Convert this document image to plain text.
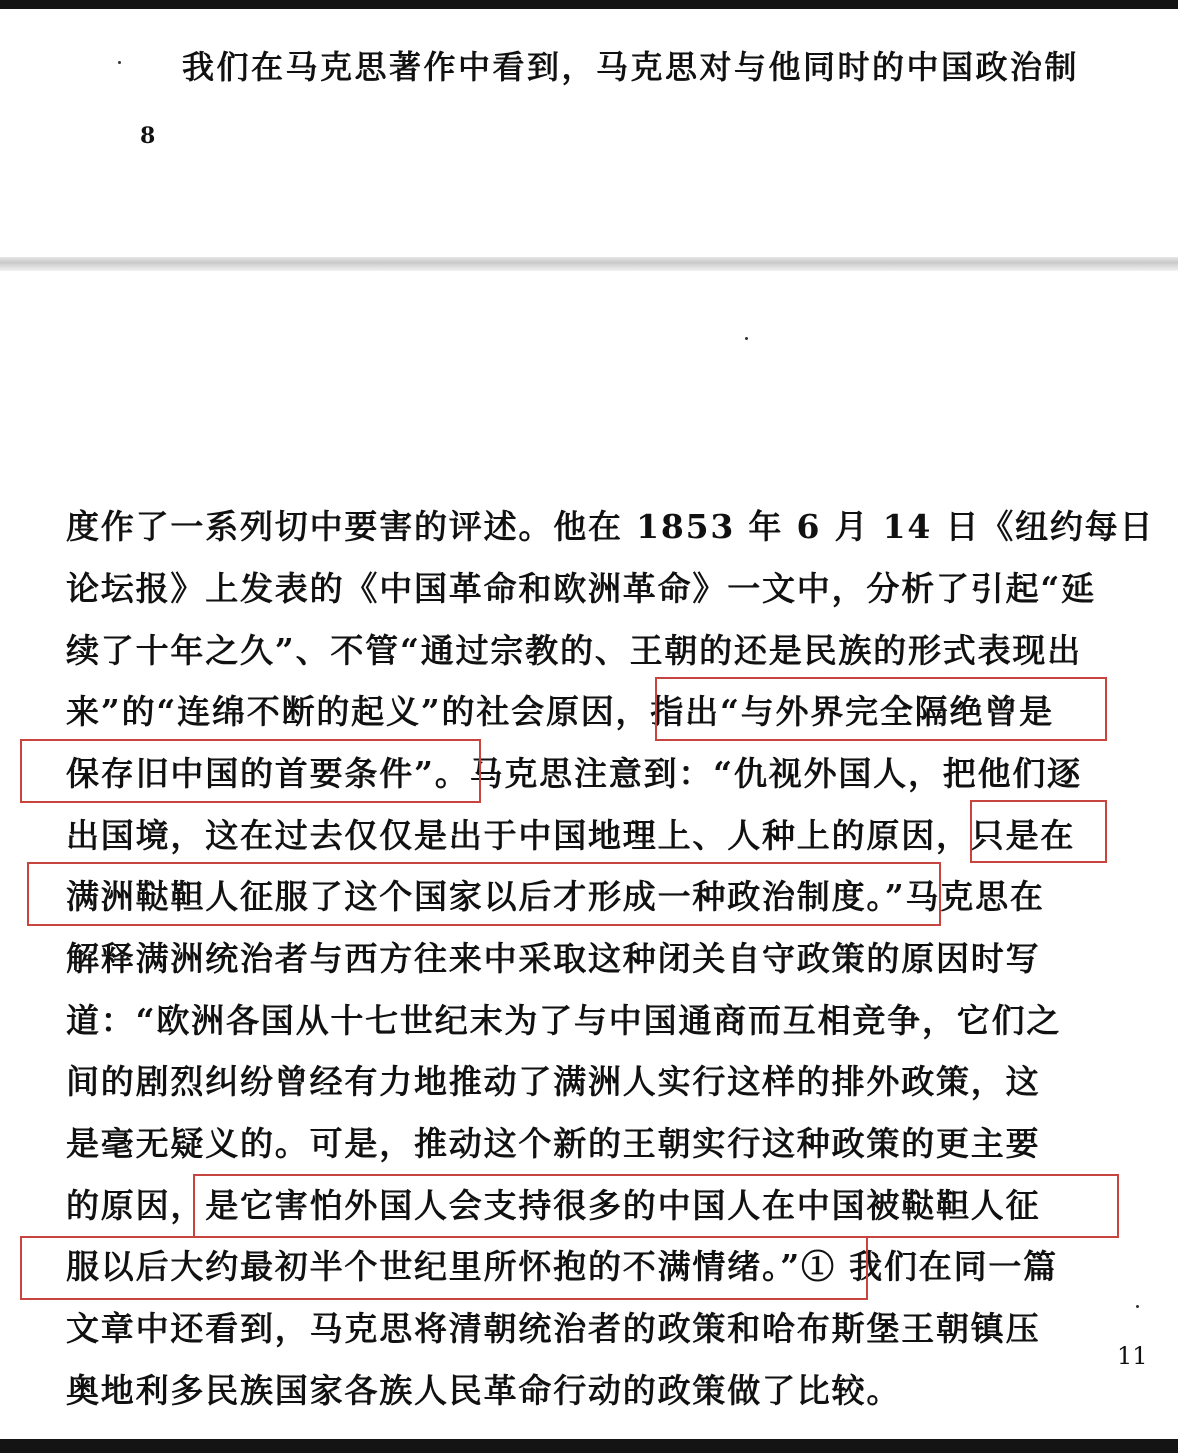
我们在马克思著作中看到，马克思对与他同时的中国政治制
8
度作了一系列切中要害的评述。他在 1853 年 6 月 14 日《纽约每日
论坛报》上发表的《中国革命和欧洲革命》一文中，分析了引起“延
续了十年之久”、不管“通过宗教的、王朝的还是民族的形式表现出
来”的“连绵不断的起义”的社会原因，指出“与外界完全隔绝曾是
保存旧中国的首要条件”。马克思注意到：“仇视外国人，把他们逐
出国境，这在过去仅仅是出于中国地理上、人种上的原因，只是在
满洲鞑靼人征服了这个国家以后才形成一种政治制度。”马克思在
解释满洲统治者与西方往来中采取这种闭关自守政策的原因时写
道：“欧洲各国从十七世纪末为了与中国通商而互相竞争，它们之
间的剧烈纠纷曾经有力地推动了满洲人实行这样的排外政策，这
是毫无疑义的。可是，推动这个新的王朝实行这种政策的更主要
的原因，是它害怕外国人会支持很多的中国人在中国被鞑靼人征
服以后大约最初半个世纪里所怀抱的不满情绪。”① 我们在同一篇
文章中还看到，马克思将清朝统治者的政策和哈布斯堡王朝镇压
奥地利多民族国家各族人民革命行动的政策做了比较。
11
